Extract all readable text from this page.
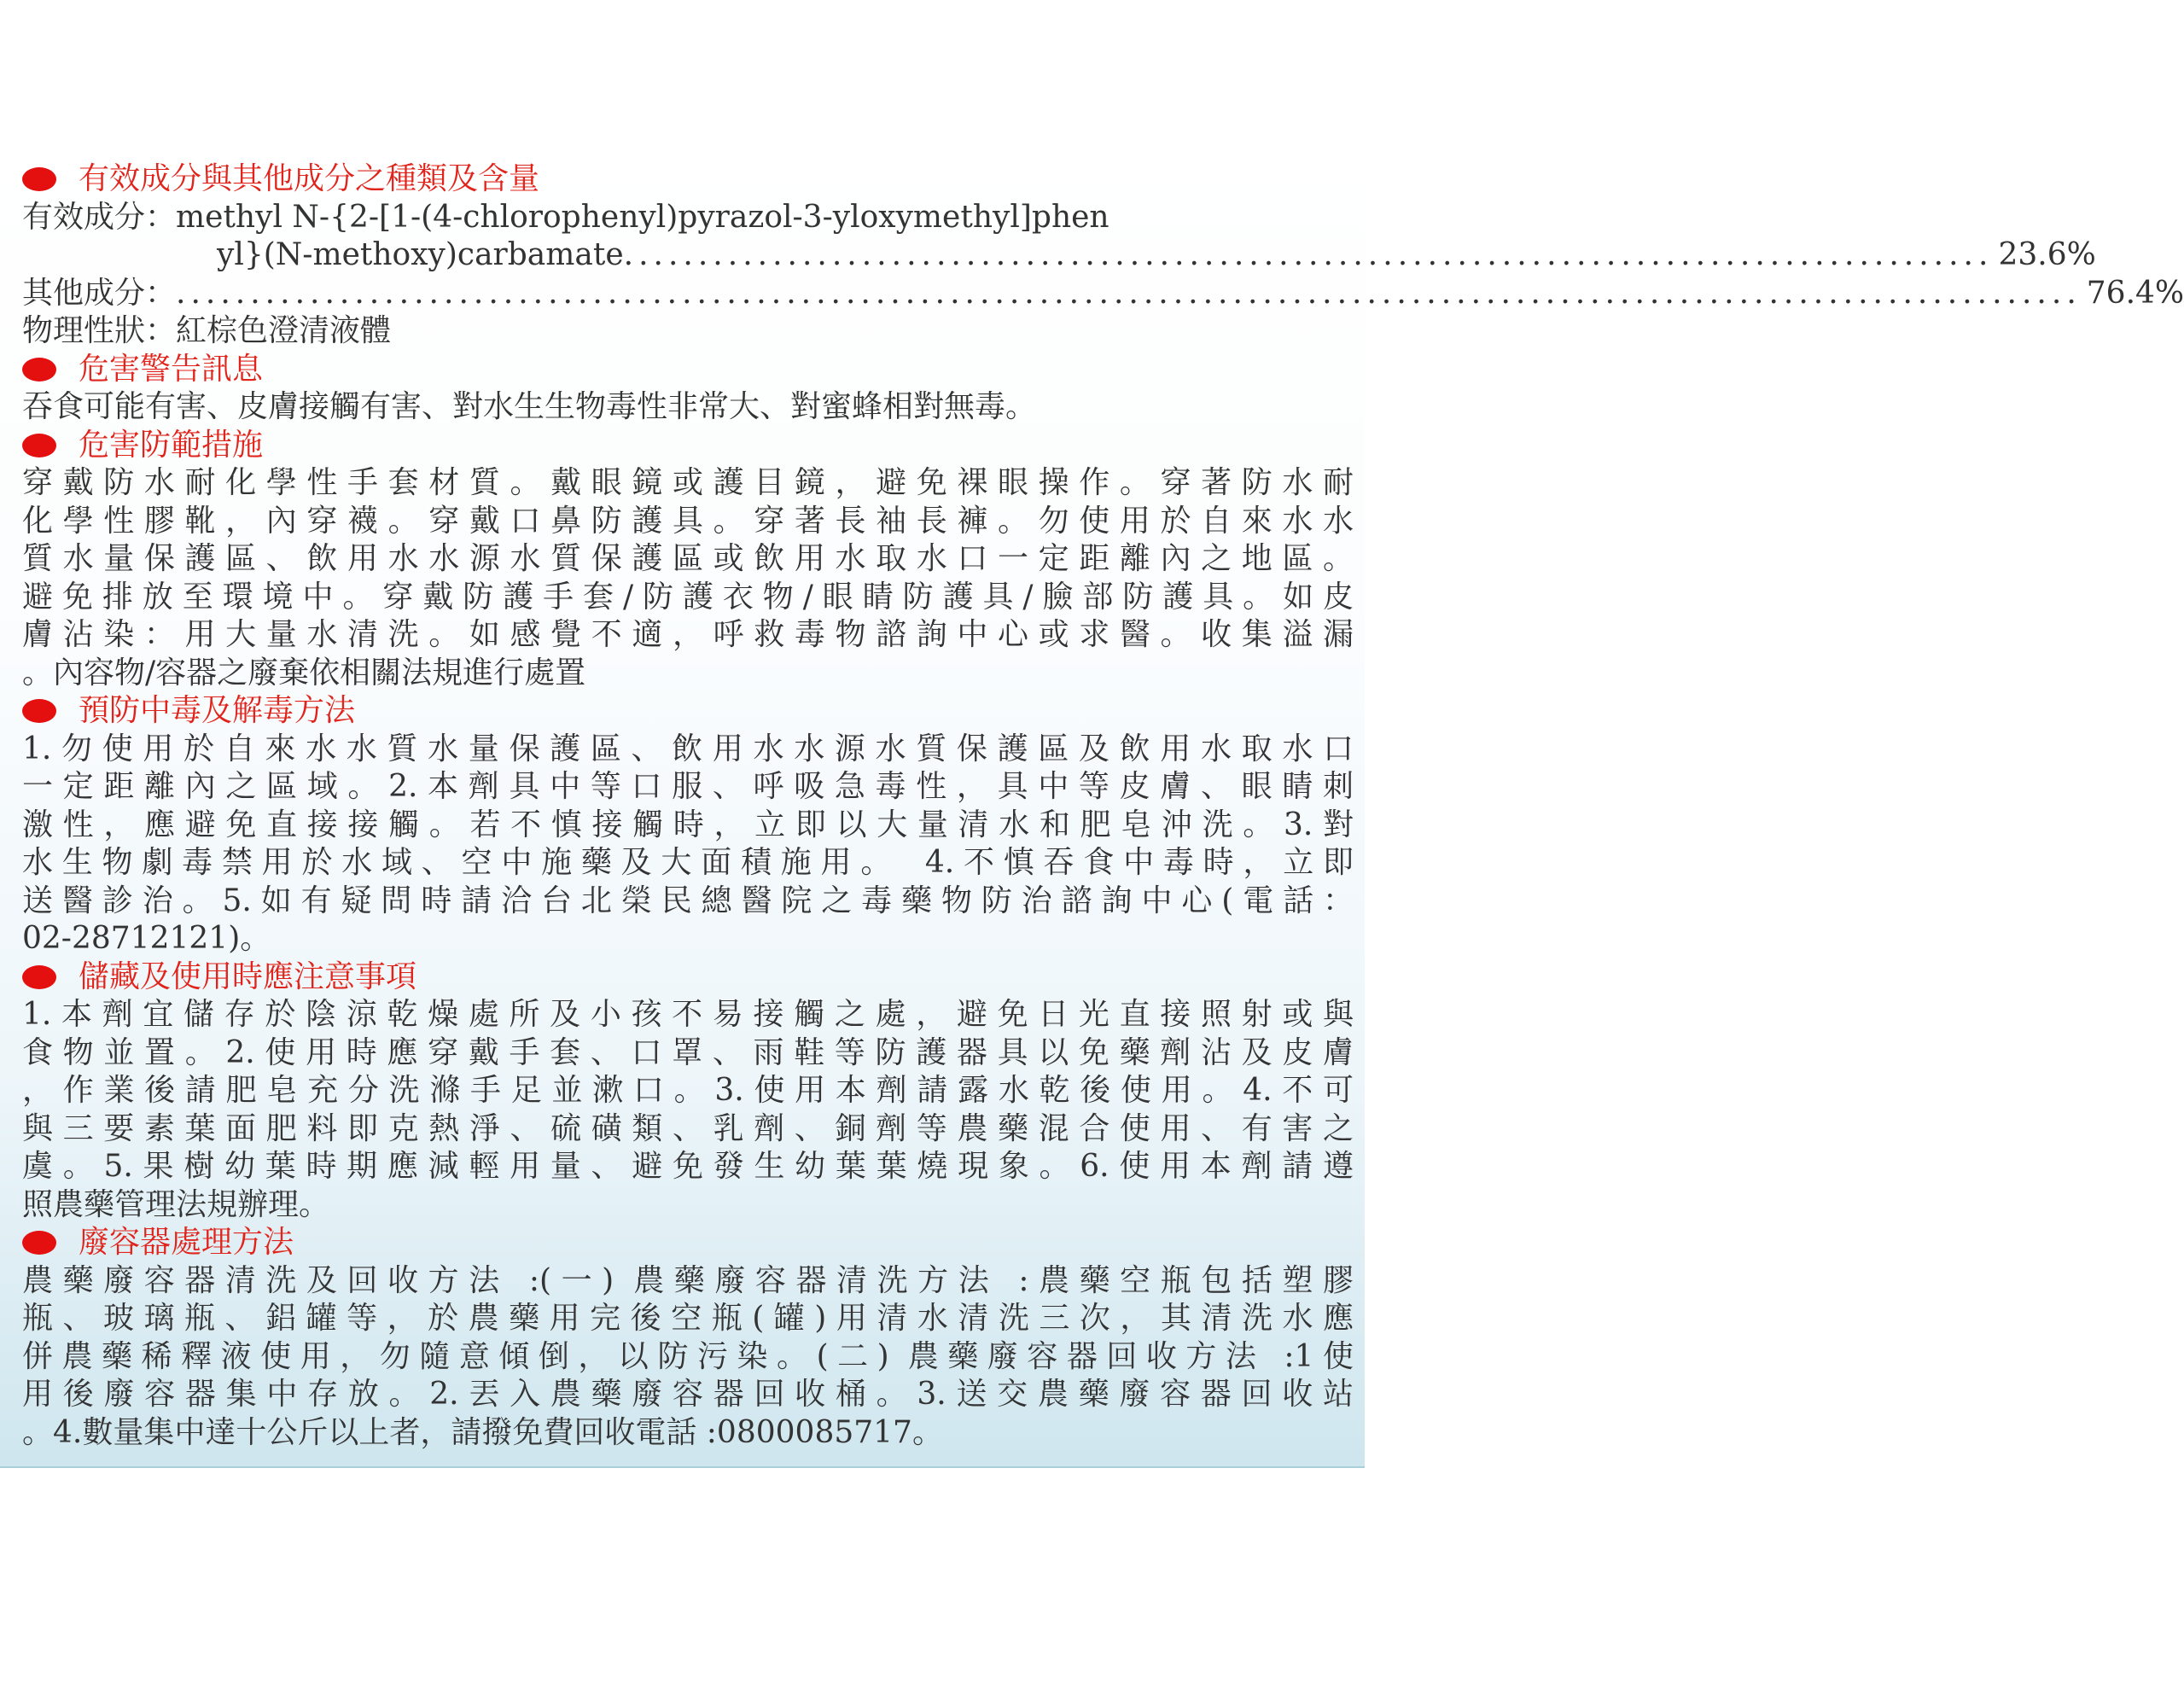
有效成分與其他成分之種類及含量
有效成分：methyl N-{2-[1-(4-chlorophenyl)pyrazol-3-yloxymethyl]phen
yl}(N-methoxy)carbamate ............................................................................................ 23.6%
其他成分： ................................................................................................................................ 76.4%
物理性狀：紅棕色澄清液體
危害警告訊息
吞食可能有害、皮膚接觸有害、對水生生物毒性非常大、對蜜蜂相對無毒。
危害防範措施
穿戴防水耐化學性手套材質。戴眼鏡或護目鏡，避免裸眼操作。穿著防水耐
化學性膠靴，內穿襪。穿戴口鼻防護具。穿著長袖長褲。勿使用於自來水水
質水量保護區、飲用水水源水質保護區或飲用水取水口一定距離內之地區。
避免排放至環境中。穿戴防護手套/防護衣物/眼睛防護具/臉部防護具。如皮
膚沾染：用大量水清洗。如感覺不適，呼救毒物諮詢中心或求醫。收集溢漏
。內容物/容器之廢棄依相關法規進行處置
預防中毒及解毒方法
1.勿使用於自來水水質水量保護區、飲用水水源水質保護區及飲用水取水口
一定距離內之區域。2.本劑具中等口服、呼吸急毒性，具中等皮膚、眼睛刺
激性，應避免直接接觸。若不慎接觸時，立即以大量清水和肥皂沖洗。3.對
水生物劇毒禁用於水域、空中施藥及大面積施用。　4.不慎吞食中毒時，立即
送醫診治。5.如有疑問時請洽台北榮民總醫院之毒藥物防治諮詢中心(電話：
02-28712121)。
儲藏及使用時應注意事項
1.本劑宜儲存於陰涼乾燥處所及小孩不易接觸之處，避免日光直接照射或與
食物並置。2.使用時應穿戴手套、口罩、雨鞋等防護器具以免藥劑沾及皮膚
，作業後請肥皂充分洗滌手足並漱口。3.使用本劑請露水乾後使用。4.不可
與三要素葉面肥料即克熱淨、硫磺類、乳劑、銅劑等農藥混合使用、有害之
虞。5.果樹幼葉時期應減輕用量、避免發生幼葉葉燒現象。6.使用本劑請遵
照農藥管理法規辦理。
廢容器處理方法
農藥廢容器清洗及回收方法 :(一) 農藥廢容器清洗方法 :農藥空瓶包括塑膠
瓶、玻璃瓶、鋁罐等，於農藥用完後空瓶(罐)用清水清洗三次，其清洗水應
併農藥稀釋液使用，勿隨意傾倒，以防污染。(二) 農藥廢容器回收方法 :1使
用後廢容器集中存放。2.丟入農藥廢容器回收桶。3.送交農藥廢容器回收站
。4.數量集中達十公斤以上者，請撥免費回收電話 :0800085717。
